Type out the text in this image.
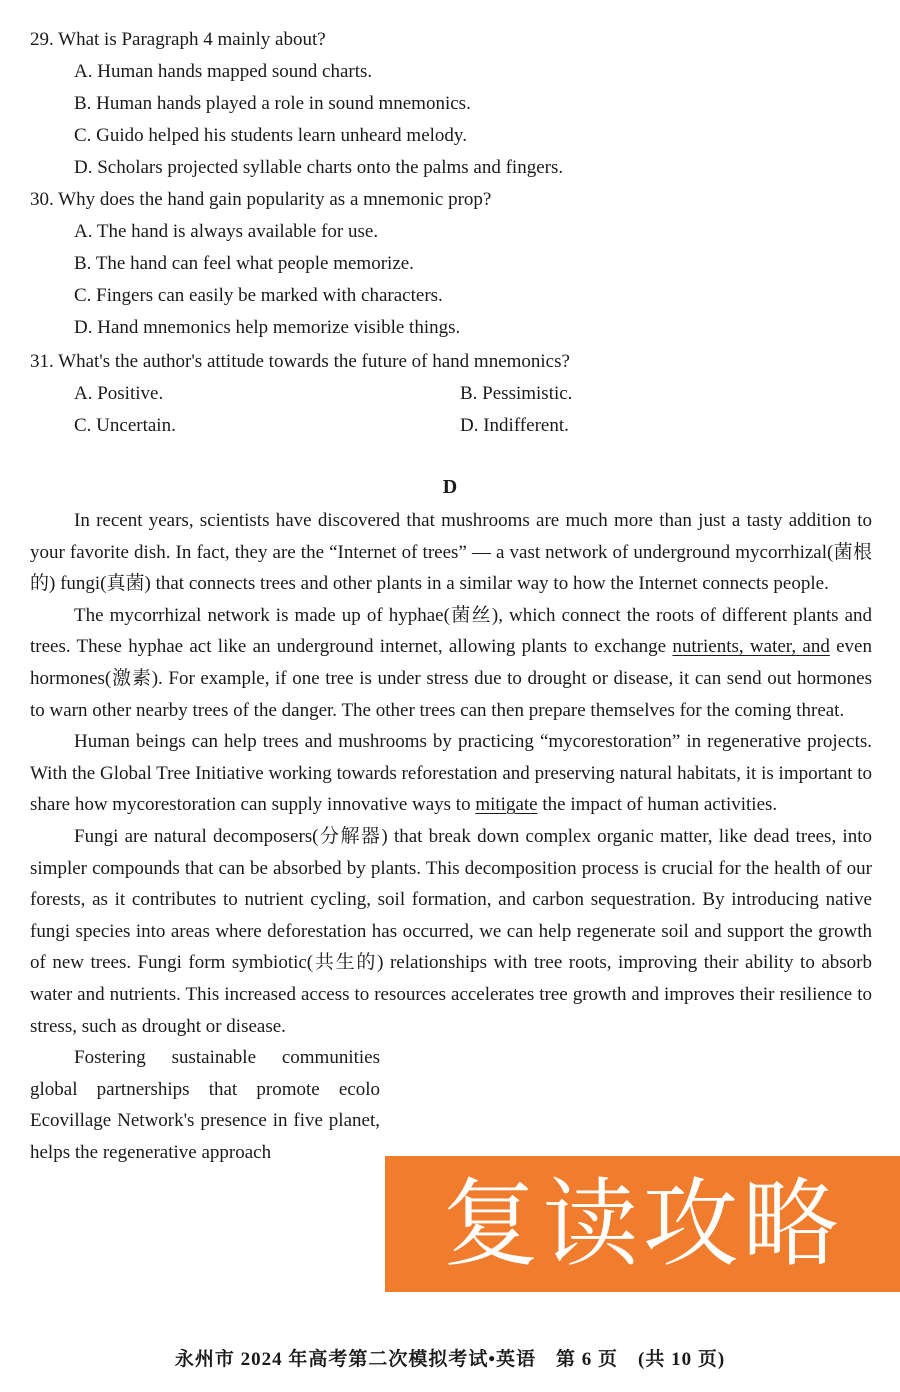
29. What is Paragraph 4 mainly about?
A. Human hands mapped sound charts.
B. Human hands played a role in sound mnemonics.
C. Guido helped his students learn unheard melody.
D. Scholars projected syllable charts onto the palms and fingers.
30. Why does the hand gain popularity as a mnemonic prop?
A. The hand is always available for use.
B. The hand can feel what people memorize.
C. Fingers can easily be marked with characters.
D. Hand mnemonics help memorize visible things.
31. What's the author's attitude towards the future of hand mnemonics?
A. Positive.	B. Pessimistic.
C. Uncertain.	D. Indifferent.
D

In recent years, scientists have discovered that mushrooms are much more than just a tasty addition to your favorite dish. In fact, they are the “Internet of trees” — a vast network of underground mycorrhizal(菌根的) fungi(真菌) that connects trees and other plants in a similar way to how the Internet connects people.

The mycorrhizal network is made up of hyphae(菌丝), which connect the roots of different plants and trees. These hyphae act like an underground internet, allowing plants to exchange nutrients, water, and even hormones(激素). For example, if one tree is under stress due to drought or disease, it can send out hormones to warn other nearby trees of the danger. The other trees can then prepare themselves for the coming threat.

Human beings can help trees and mushrooms by practicing “mycorestoration” in regenerative projects. With the Global Tree Initiative working towards reforestation and preserving natural habitats, it is important to share how mycorestoration can supply innovative ways to mitigate the impact of human activities.

Fungi are natural decomposers(分解器) that break down complex organic matter, like dead trees, into simpler compounds that can be absorbed by plants. This decomposition process is crucial for the health of our forests, as it contributes to nutrient cycling, soil formation, and carbon sequestration. By introducing native fungi species into areas where deforestation has occurred, we can help regenerate soil and support the growth of new trees. Fungi form symbiotic(共生的) relationships with tree roots, improving their ability to absorb water and nutrients. This increased access to resources accelerates tree growth and improves their resilience to stress, such as drought or disease.

Fostering sustainable communities global partnerships that promote ecolo Ecovillage Network's presence in five planet, helps the regenerative approach

复读攻略
永州市 2024 年高考第二次模拟考试•英语　第 6 页　(共 10 页)
